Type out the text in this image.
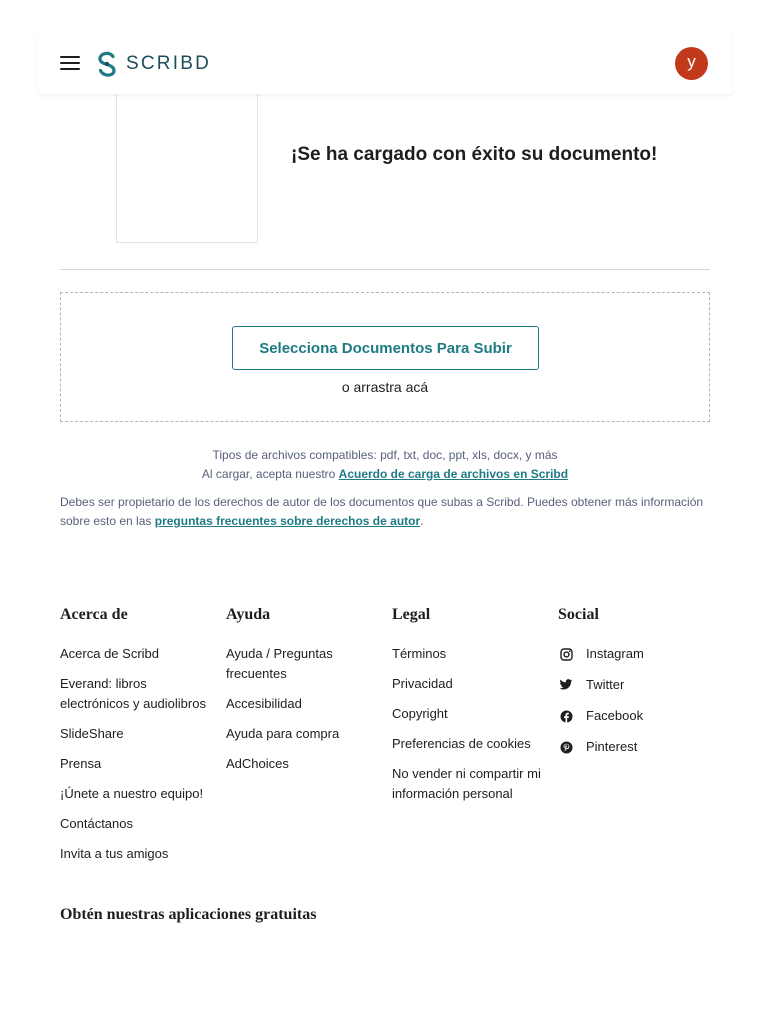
SCRIBD	y
¡Se ha cargado con éxito su documento!
Selecciona Documentos Para Subir
o arrastra acá
Tipos de archivos compatibles: pdf, txt, doc, ppt, xls, docx, y más
Al cargar, acepta nuestro Acuerdo de carga de archivos en Scribd
Debes ser propietario de los derechos de autor de los documentos que subas a Scribd. Puedes obtener más información sobre esto en las preguntas frecuentes sobre derechos de autor.
Acerca de
Acerca de Scribd
Everand: libros electrónicos y audiolibros
SlideShare
Prensa
¡Únete a nuestro equipo!
Contáctanos
Invita a tus amigos
Ayuda
Ayuda / Preguntas frecuentes
Accesibilidad
Ayuda para compra
AdChoices
Legal
Términos
Privacidad
Copyright
Preferencias de cookies
No vender ni compartir mi información personal
Social
Instagram
Twitter
Facebook
Pinterest
Obtén nuestras aplicaciones gratuitas
